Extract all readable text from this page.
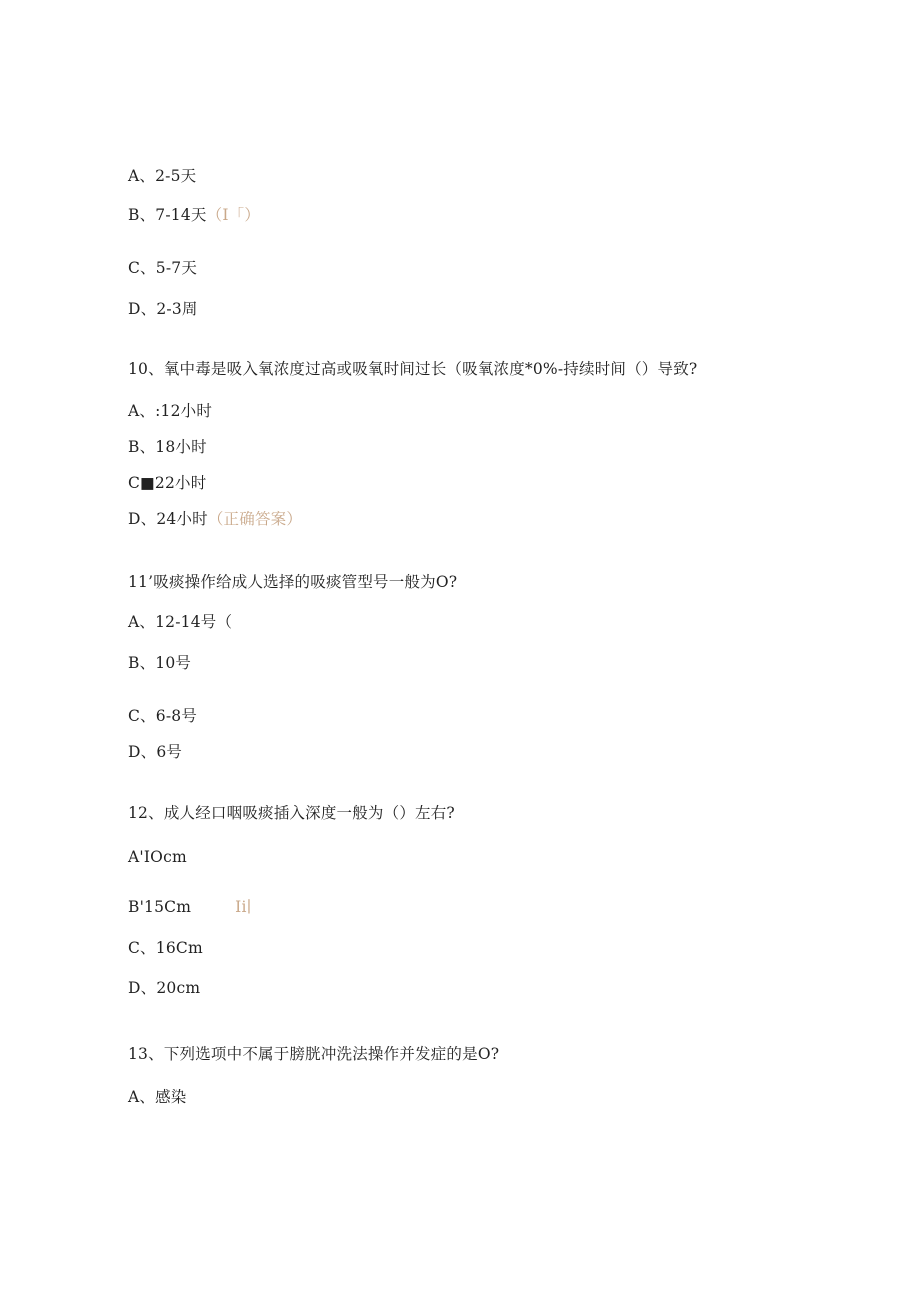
A、2-5天
B、7-14天（I「）
C、5-7天
D、2-3周
10、氧中毒是吸入氧浓度过高或吸氧时间过长（吸氧浓度*0%-持续时间（）导致?
A、:12小时
B、18小时
C■22小时
D、24小时（正确答案）
11’吸痰操作给成人选择的吸痰管型号一般为O?
A、12-14号（
B、10号
C、6-8号
D、6号
12、成人经口咽吸痰插入深度一般为（）左右?
A'IOcm
B'15Cm	Ii∣
C、16Cm
D、20cm
13、下列选项中不属于膀胱冲洗法操作并发症的是O?
A、感染
